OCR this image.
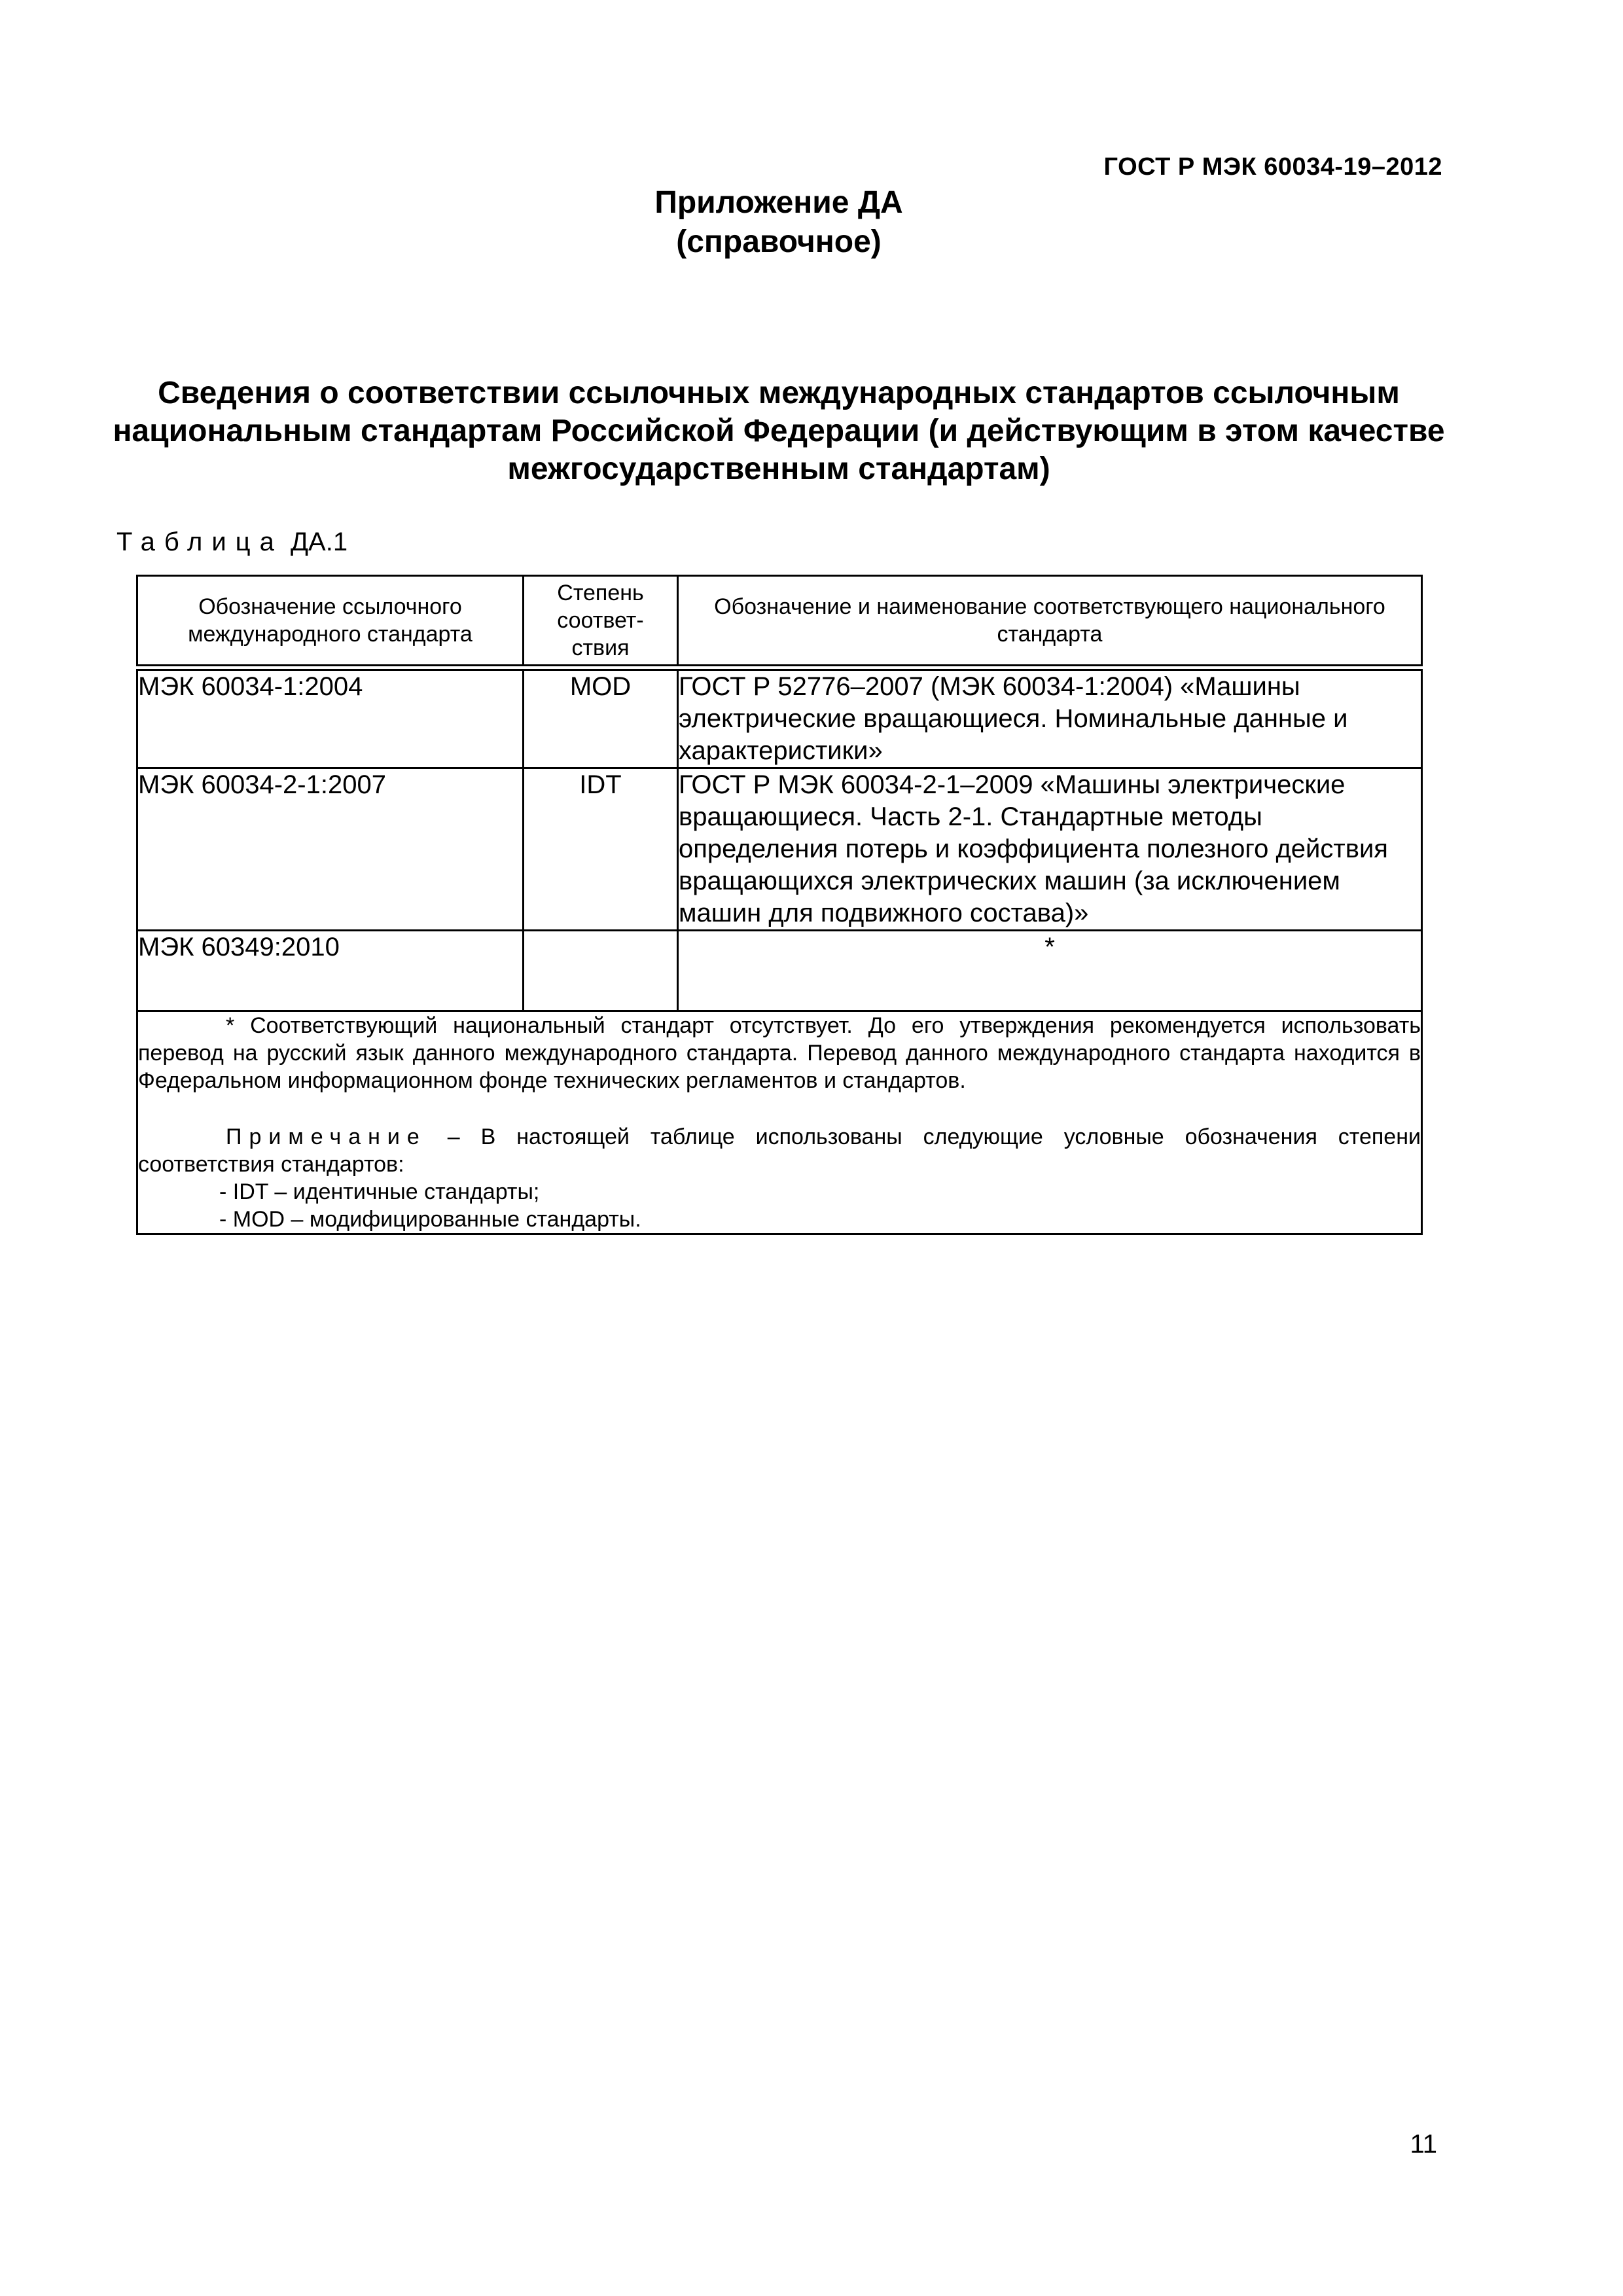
ГОСТ Р МЭК 60034-19–2012
Приложение ДА
(справочное)
Сведения о соответствии ссылочных международных стандартов ссылочным национальным стандартам Российской Федерации (и действующим в этом качестве межгосударственным стандартам)
Таблица ДА.1
Обозначение ссылочного международного стандарта	Степень соответ-ствия	Обозначение и наименование соответствующего национального стандарта
МЭК 60034-1:2004	MOD	ГОСТ Р 52776–2007 (МЭК 60034-1:2004) «Машины электрические вращающиеся. Номинальные данные и характеристики»
МЭК 60034-2-1:2007	IDT	ГОСТ Р МЭК 60034-2-1–2009 «Машины электрические вращающиеся. Часть 2-1. Стандартные методы определения потерь и коэффициента полезного действия вращающихся электрических машин (за исключением машин для подвижного состава)»
МЭК 60349:2010		*

* Соответствующий национальный стандарт отсутствует. До его утверждения рекомендуется использовать перевод на русский язык данного международного стандарта. Перевод данного международного стандарта находится в Федеральном информационном фонде технических регламентов и стандартов.

Примечание – В настоящей таблице использованы следующие условные обозначения степени соответствия стандартов:

- IDT – идентичные стандарты;
- MOD – модифицированные стандарты.		
11
